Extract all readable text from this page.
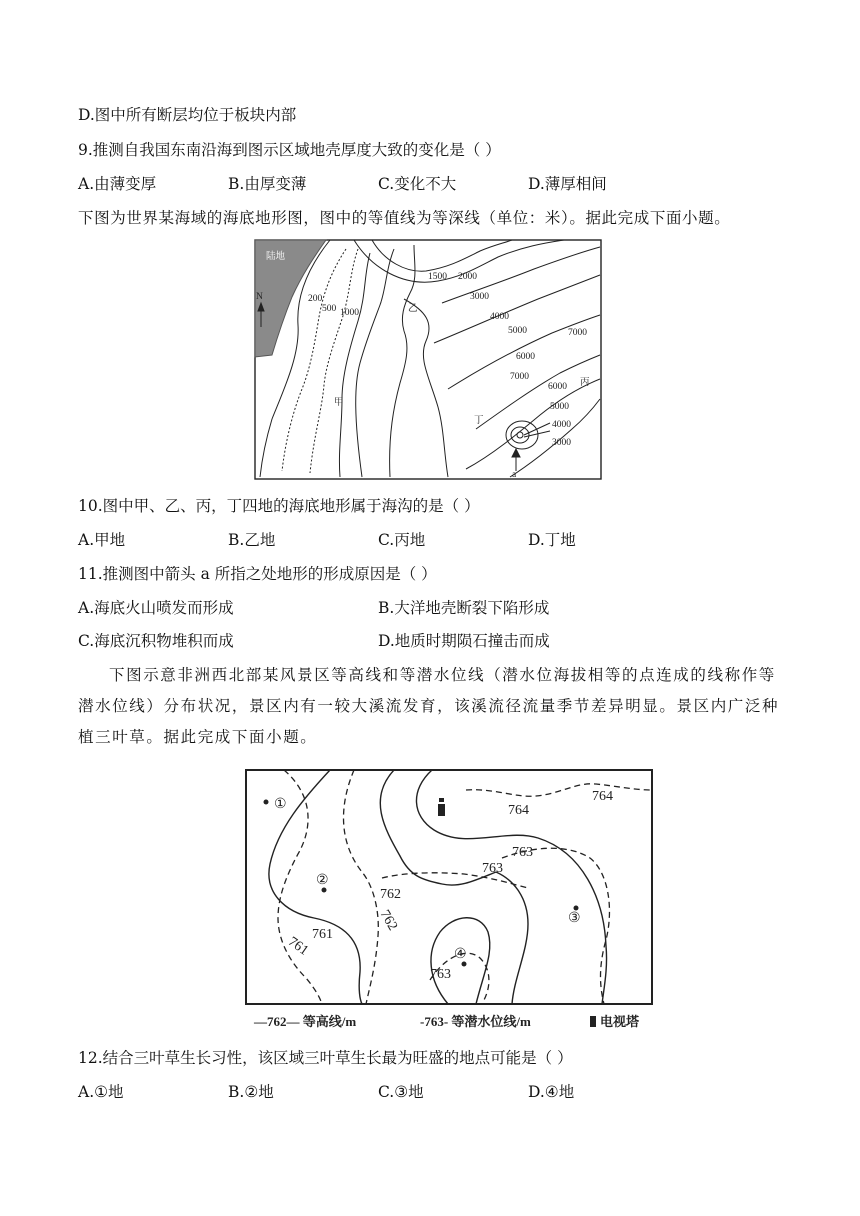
D.图中所有断层均位于板块内部
9.推测自我国东南沿海到图示区域地壳厚度大致的变化是（ ）
A.由薄变厚	B.由厚变薄	C.变化不大	D.薄厚相间
下图为世界某海域的海底地形图，图中的等值线为等深线（单位：米）。据此完成下面小题。
陆地
N	200
500 1000
1500 2000
3000
4000
5000	7000
6000
7000
6000
5000
4000
3000
甲
乙
丙
丁
a
10.图中甲、乙、丙，丁四地的海底地形属于海沟的是（ ）
A.甲地	B.乙地	C.丙地	D.丁地
11.推测图中箭头 a 所指之处地形的形成原因是（ ）
A.海底火山喷发而形成	B.大洋地壳断裂下陷形成
C.海底沉积物堆积而成	D.地质时期陨石撞击而成
下图示意非洲西北部某风景区等高线和等潜水位线（潜水位海拔相等的点连成的线称作等潜水位线）分布状况，景区内有一较大溪流发育，该溪流径流量季节差异明显。景区内广泛种植三叶草。据此完成下面小题。
764
764
763
763
762
762
761
761
763
①
②
③
④
—762— 等高线/m	-763- 等潜水位线/m	电视塔
12.结合三叶草生长习性，该区域三叶草生长最为旺盛的地点可能是（ ）
A.①地	B.②地	C.③地	D.④地
